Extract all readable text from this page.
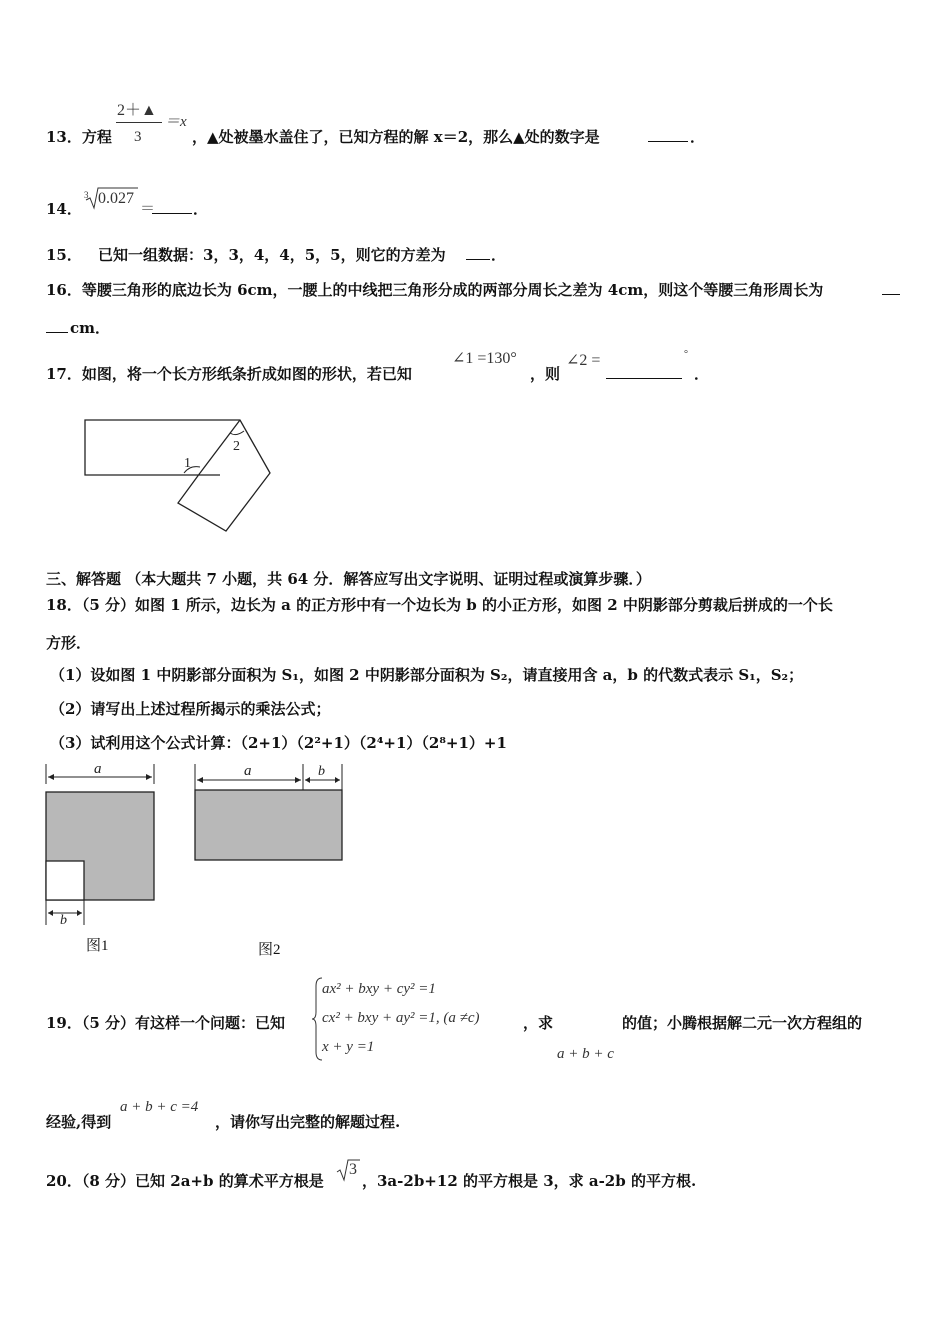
13．方程
2＋▲
3
＝x
，▲处被墨水盖住了，已知方程的解 x＝2，那么▲处的数字是	．
14．
3 0.027
＝	．
15． 已知一组数据：3，3，4，4，5，5，则它的方差为	．
16．等腰三角形的底边长为 6cm，一腰上的中线把三角形分成的两部分周长之差为 4cm，则这个等腰三角形周长为
cm．
17．如图，将一个长方形纸条折成如图的形状，若已知
∠1 =130°
，则
∠2 =	°
．
1
2
三、解答题 （本大题共 7 小题，共 64 分．解答应写出文字说明、证明过程或演算步骤．）
18．（5 分）如图 1 所示，边长为 a 的正方形中有一个边长为 b 的小正方形，如图 2 中阴影部分剪裁后拼成的一个长
方形．
（1）设如图 1 中阴影部分面积为 S₁，如图 2 中阴影部分面积为 S₂，请直接用含 a，b 的代数式表示 S₁，S₂；
（2）请写出上述过程所揭示的乘法公式；
（3）试利用这个公式计算：（2+1）（2²+1）（2⁴+1）（2⁸+1）+1
a
b
图1
a	b
图2
19．（5 分）有这样一个问题：已知
ax² + bxy + cy² =1
cx² + bxy + ay² =1, (a ≠c)
x + y =1
，求
a + b + c
的值；小腾根据解二元一次方程组的
经验,得到
a + b + c =4
，请你写出完整的解题过程.
20．（8 分）已知 2a+b 的算术平方根是
3
，3a-2b+12 的平方根是 3，求 a-2b 的平方根.
